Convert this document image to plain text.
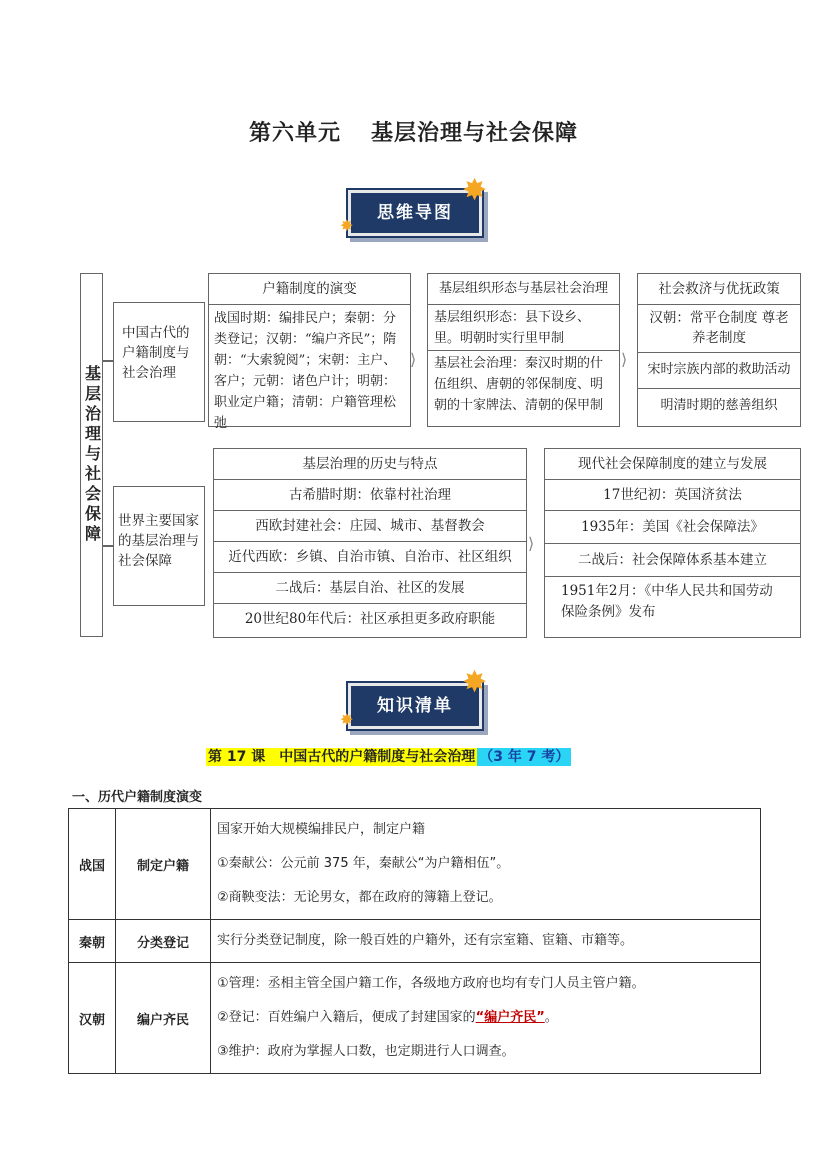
第六单元 基层治理与社会保障
思维导图
✸
✸
基层治理与社会保障
中国古代的户籍制度与社会治理
世界主要国家的基层治理与社会保障
户籍制度的演变
战国时期：编排民户；秦朝：分类登记；汉朝：“编户齐民”；隋朝：“大索貌阅”；宋朝：主户、客户；元朝：诸色户计；明朝：职业定户籍；清朝：户籍管理松弛
⟩
基层组织形态与基层社会治理
基层组织形态：县下设乡、里。明朝时实行里甲制
基层社会治理：秦汉时期的什伍组织、唐朝的邻保制度、明朝的十家牌法、清朝的保甲制
⟩
社会救济与优抚政策
汉朝：常平仓制度 尊老养老制度
宋时宗族内部的救助活动
明清时期的慈善组织
基层治理的历史与特点
古希腊时期：依靠村社治理
西欧封建社会：庄园、城市、基督教会
近代西欧：乡镇、自治市镇、自治市、社区组织
二战后：基层自治、社区的发展
20世纪80年代后：社区承担更多政府职能
⟩
现代社会保障制度的建立与发展
17世纪初：英国济贫法
1935年：美国《社会保障法》
二战后：社会保障体系基本建立
1951年2月：《中华人民共和国劳动保险条例》发布
知识清单
✸
✸
第 17 课　中国古代的户籍制度与社会治理 （3 年 7 考）
一、历代户籍制度演变
战国	制定户籍	国家开始大规模编排民户，制定户籍
①秦献公：公元前 375 年，秦献公“为户籍相伍”。
②商鞅变法：无论男女，都在政府的簿籍上登记。

秦朝	分类登记	实行分类登记制度，除一般百姓的户籍外，还有宗室籍、宦籍、市籍等。

汉朝	编户齐民	①管理：丞相主管全国户籍工作，各级地方政府也均有专门人员主管户籍。
②登记：百姓编户入籍后，便成了封建国家的“编户齐民”。
③维护：政府为掌握人口数，也定期进行人口调查。
